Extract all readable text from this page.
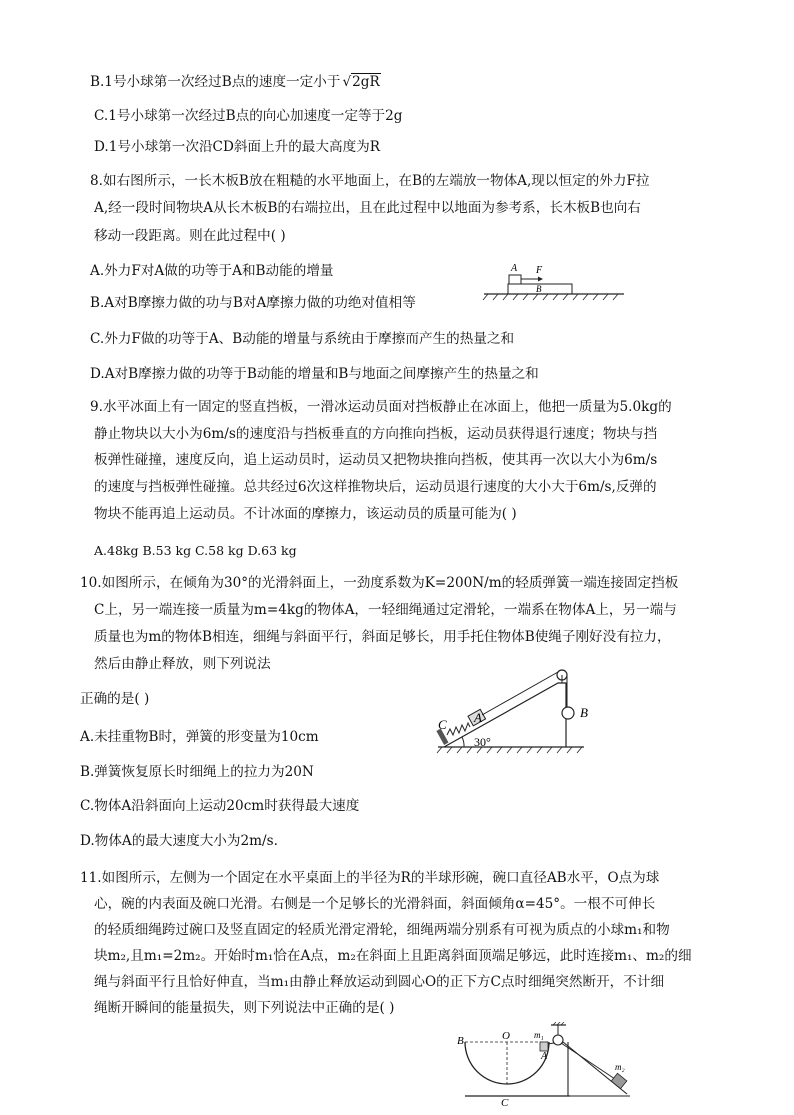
B.1号小球第一次经过B点的速度一定小于 √2gR
C.1号小球第一次经过B点的向心加速度一定等于2g
D.1号小球第一次沿CD斜面上升的最大高度为R
8.如右图所示，一长木板B放在粗糙的水平地面上，在B的左端放一物体A,现以恒定的外力F拉
A,经一段时间物块A从长木板B的右端拉出，且在此过程中以地面为参考系，长木板B也向右
移动一段距离。则在此过程中( )
A.外力F对A做的功等于A和B动能的增量
B.A对B摩擦力做的功与B对A摩擦力做的功绝对值相等
C.外力F做的功等于A、B动能的增量与系统由于摩擦而产生的热量之和
D.A对B摩擦力做的功等于B动能的增量和B与地面之间摩擦产生的热量之和
A F
B
9.水平冰面上有一固定的竖直挡板，一滑冰运动员面对挡板静止在冰面上，他把一质量为5.0kg的
静止物块以大小为6m/s的速度沿与挡板垂直的方向推向挡板，运动员获得退行速度；物块与挡
板弹性碰撞，速度反向，追上运动员时，运动员又把物块推向挡板，使其再一次以大小为6m/s
的速度与挡板弹性碰撞。总共经过6次这样推物块后，运动员退行速度的大小大于6m/s,反弹的
物块不能再追上运动员。不计冰面的摩擦力，该运动员的质量可能为( )
A.48kg B.53 kg C.58 kg D.63 kg
10.如图所示，在倾角为30°的光滑斜面上，一劲度系数为K=200N/m的轻质弹簧一端连接固定挡板
C上，另一端连接一质量为m=4kg的物体A，一轻细绳通过定滑轮，一端系在物体A上，另一端与
质量也为m的物体B相连，细绳与斜面平行，斜面足够长，用手托住物体B使绳子刚好没有拉力，
然后由静止释放，则下列说法
正确的是( )
A.未挂重物B时，弹簧的形变量为10cm
B.弹簧恢复原长时细绳上的拉力为20N
C.物体A沿斜面向上运动20cm时获得最大速度
D.物体A的最大速度大小为2m/s.
30°
C A	B
11.如图所示，左侧为一个固定在水平桌面上的半径为R的半球形碗，碗口直径AB水平，O点为球
心，碗的内表面及碗口光滑。右侧是一个足够长的光滑斜面，斜面倾角α=45°。一根不可伸长
的轻质细绳跨过碗口及竖直固定的轻质光滑定滑轮，细绳两端分别系有可视为质点的小球m₁和物
块m₂,且m₁=2m₂。开始时m₁恰在A点，m₂在斜面上且距离斜面顶端足够远，此时连接m₁、m₂的细
绳与斜面平行且恰好伸直，当m₁由静止释放运动到圆心O的正下方C点时细绳突然断开，不计细
绳断开瞬间的能量损失，则下列说法中正确的是( )
B	O
A
C
m₁
m₂
